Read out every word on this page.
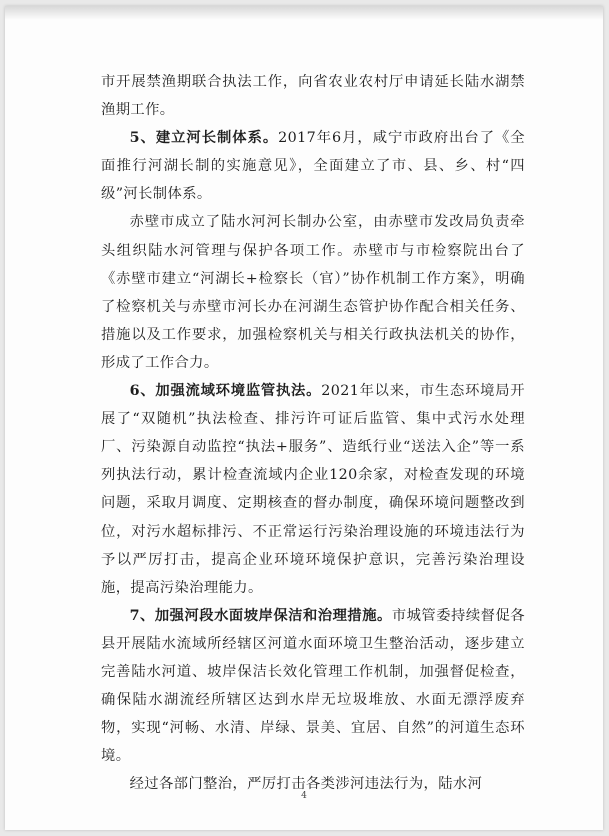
市开展禁渔期联合执法工作，向省农业农村厅申请延长陆水湖禁渔期工作。

5、建立河长制体系。2017年6月，咸宁市政府出台了《全面推行河湖长制的实施意见》，全面建立了市、县、乡、村“四级”河长制体系。

赤壁市成立了陆水河河长制办公室，由赤壁市发改局负责牵头组织陆水河管理与保护各项工作。赤壁市与市检察院出台了《赤壁市建立“河湖长+检察长（官）”协作机制工作方案》，明确了检察机关与赤壁市河长办在河湖生态管护协作配合相关任务、措施以及工作要求，加强检察机关与相关行政执法机关的协作，形成了工作合力。

6、加强流域环境监管执法。2021年以来，市生态环境局开展了“双随机”执法检查、排污许可证后监管、集中式污水处理厂、污染源自动监控“执法+服务”、造纸行业“送法入企”等一系列执法行动，累计检查流域内企业120余家，对检查发现的环境问题，采取月调度、定期核查的督办制度，确保环境问题整改到位，对污水超标排污、不正常运行污染治理设施的环境违法行为予以严厉打击，提高企业环境环境保护意识，完善污染治理设施，提高污染治理能力。

7、加强河段水面坡岸保洁和治理措施。市城管委持续督促各县开展陆水流域所经辖区河道水面环境卫生整治活动，逐步建立完善陆水河道、坡岸保洁长效化管理工作机制，加强督促检查，确保陆水湖流经所辖区达到水岸无垃圾堆放、水面无漂浮废弃物，实现“河畅、水清、岸绿、景美、宜居、自然”的河道生态环境。

经过各部门整治，严厉打击各类涉河违法行为，陆水河

4
